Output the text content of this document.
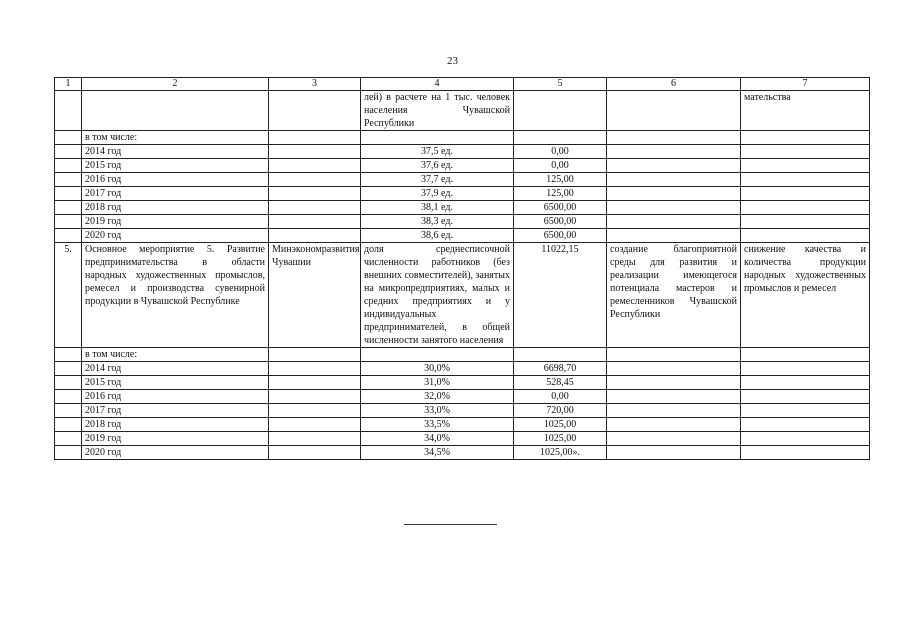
23
1	2	3	4	5	6	7
			лей) в расчете на 1 тыс. человек населения Чувашской Республики			мательства
	в том числе:					
	2014 год		37,5 ед.	0,00		
	2015 год		37,6 ед.	0,00		
	2016 год		37,7 ед.	125,00		
	2017 год		37,9 ед.	125,00		
	2018 год		38,1 ед.	6500,00		
	2019 год		38,3 ед.	6500,00		
	2020 год		38,6 ед.	6500,00		
5.	Основное мероприятие 5. Развитие предпринимательства в области народных художественных промыслов, ремесел и производства сувенирной продукции в Чувашской Республике	Минэкономразвития Чувашии	доля среднесписочной численности работников (без внешних совместителей), занятых на микропредприятиях, малых и средних предприятиях и у индивидуальных предпринимателей, в общей численности занятого населения	11022,15	создание благоприятной среды для развития и реализации имеющегося потенциала мастеров и ремесленников Чувашской Республики	снижение качества и количества продукции народных художественных промыслов и ремесел
	в том числе:					
	2014 год		30,0%	6698,70		
	2015 год		31,0%	528,45		
	2016 год		32,0%	0,00		
	2017 год		33,0%	720,00		
	2018 год		33,5%	1025,00		
	2019 год		34,0%	1025,00		
	2020 год		34,5%	1025,00».		
